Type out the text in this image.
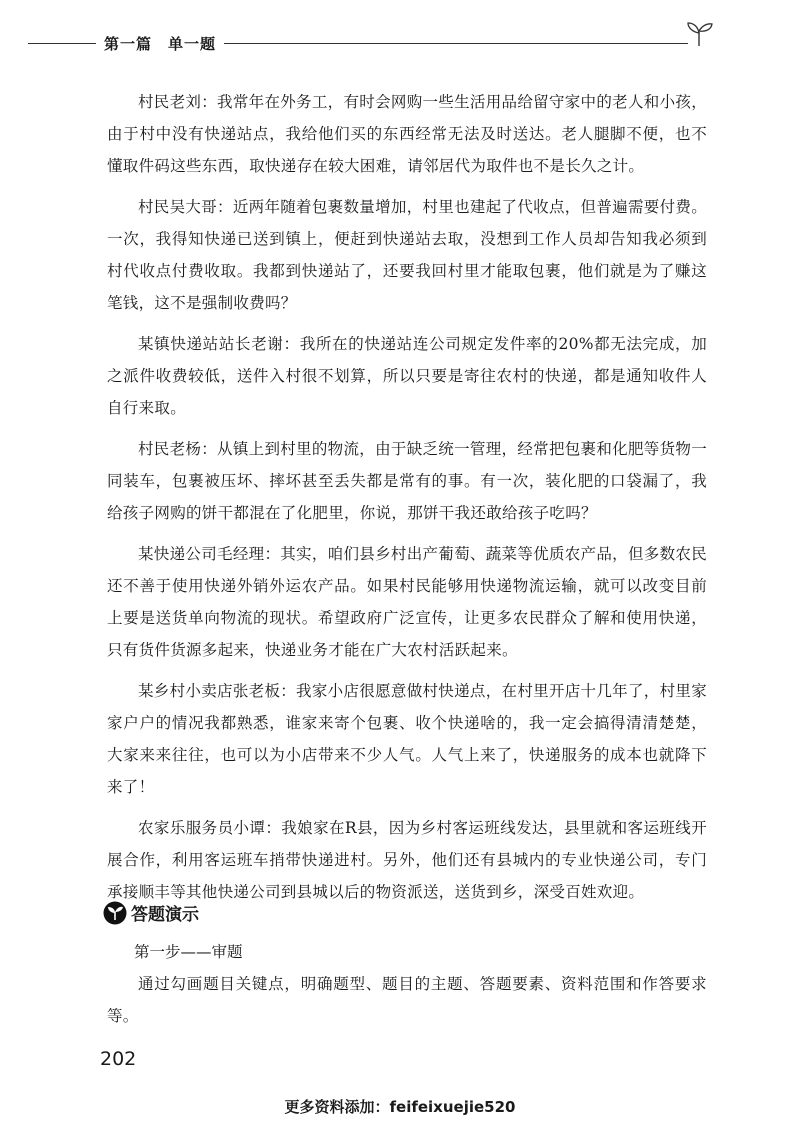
第一篇　单一题

村民老刘：我常年在外务工，有时会网购一些生活用品给留守家中的老人和小孩，由于村中没有快递站点，我给他们买的东西经常无法及时送达。老人腿脚不便，也不懂取件码这些东西，取快递存在较大困难，请邻居代为取件也不是长久之计。

村民吴大哥：近两年随着包裹数量增加，村里也建起了代收点，但普遍需要付费。一次，我得知快递已送到镇上，便赶到快递站去取，没想到工作人员却告知我必须到村代收点付费收取。我都到快递站了，还要我回村里才能取包裹，他们就是为了赚这笔钱，这不是强制收费吗？

某镇快递站站长老谢：我所在的快递站连公司规定发件率的20%都无法完成，加之派件收费较低，送件入村很不划算，所以只要是寄往农村的快递，都是通知收件人自行来取。

村民老杨：从镇上到村里的物流，由于缺乏统一管理，经常把包裹和化肥等货物一同装车，包裹被压坏、摔坏甚至丢失都是常有的事。有一次，装化肥的口袋漏了，我给孩子网购的饼干都混在了化肥里，你说，那饼干我还敢给孩子吃吗？

某快递公司毛经理：其实，咱们县乡村出产葡萄、蔬菜等优质农产品，但多数农民还不善于使用快递外销外运农产品。如果村民能够用快递物流运输，就可以改变目前上要是送货单向物流的现状。希望政府广泛宣传，让更多农民群众了解和使用快递，只有货件货源多起来，快递业务才能在广大农村活跃起来。

某乡村小卖店张老板：我家小店很愿意做村快递点，在村里开店十几年了，村里家家户户的情况我都熟悉，谁家来寄个包裹、收个快递啥的，我一定会搞得清清楚楚，大家来来往往，也可以为小店带来不少人气。人气上来了，快递服务的成本也就降下来了！

农家乐服务员小谭：我娘家在R县，因为乡村客运班线发达，县里就和客运班线开展合作，利用客运班车捎带快递进村。另外，他们还有县城内的专业快递公司，专门承接顺丰等其他快递公司到县城以后的物资派送，送货到乡，深受百姓欢迎。

答题演示
第一步——审题

通过勾画题目关键点，明确题型、题目的主题、答题要素、资料范围和作答要求等。

202
更多资料添加：feifeixuejie520
